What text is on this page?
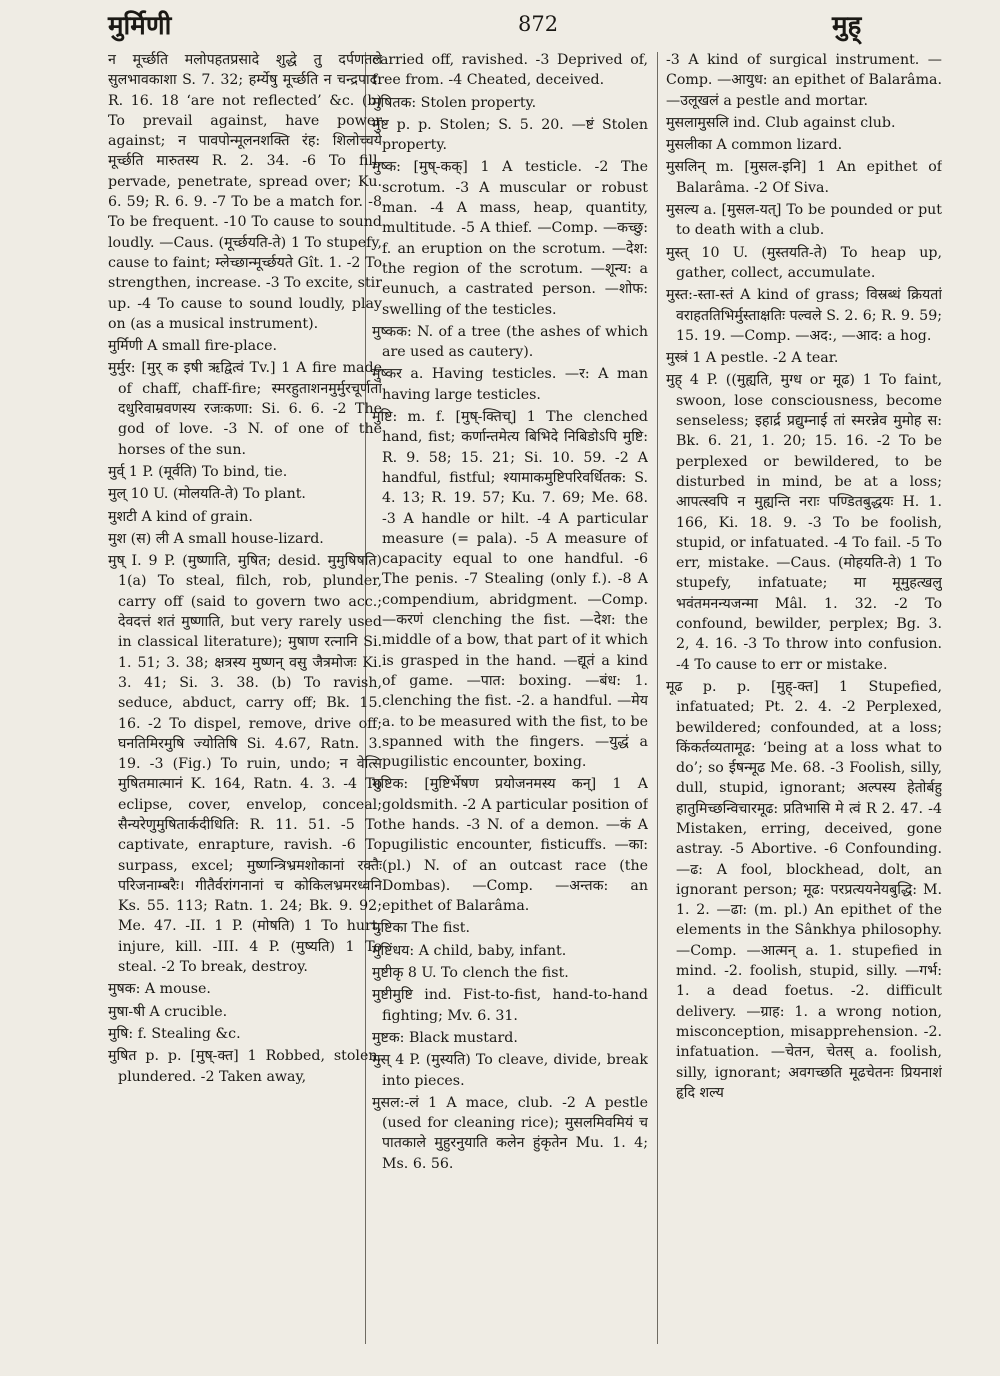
मुर्मिणी	872	मुह्

न मूर्च्छति मलोपहतप्रसादे शुद्धे तु दर्पणतले सुलभावकाशा S. 7. 32; हर्म्येषु मूर्च्छति न चन्द्रपाद: R. 16. 18 ‘are not reflected’ &c. (b) To prevail against, have power against; न पावपोन्मूलनशक्ति रंह: शिलोच्चये मूर्च्छति मारुतस्य R. 2. 34. -6 To fill, pervade, penetrate, spread over; Ku. 6. 59; R. 6. 9. -7 To be a match for. -8 To be frequent. -10 To cause to sound loudly. —Caus. (मूर्च्छयति-ते) 1 To stupefy, cause to faint; म्लेच्छान्मूर्च्छयते Gît. 1. -2 To strengthen, increase. -3 To excite, stir up. -4 To cause to sound loudly, play on (as a musical instrument).

मुर्मिणी A small fire-place.

मुर्मुर: [मुर् क इषी ऋद्वित्वं Tv.] 1 A fire made of chaff, chaff-fire; स्मरहुताशनमुर्मुरचूर्णतां दधुरिवाम्रवणस्य रजःकणा: Si. 6. 6. -2 The god of love. -3 N. of one of the horses of the sun.

मुर्व् 1 P. (मूर्वति) To bind, tie.

मुल् 10 U. (मोलयति-ते) To plant.

मुशटी A kind of grain.

मुश (स) ली A small house-lizard.

मुष् I. 9 P. (मुष्णाति, मुषित; desid. मुमुषिषति) 1(a) To steal, filch, rob, plunder, carry off (said to govern two acc.; देवदत्तं शतं मुष्णाति, but very rarely used in classical literature); मुषाण रत्नानि Si. 1. 51; 3. 38; क्षत्रस्य मुष्णन् वसु जैत्रमोजः Ki. 3. 41; Si. 3. 38. (b) To ravish, seduce, abduct, carry off; Bk. 15. 16. -2 To dispel, remove, drive off; घनतिमिरमुषि ज्योतिषि Si. 4.67, Ratn. 3. 19. -3 (Fig.) To ruin, undo; न वेत्सि मुषितमात्मानं K. 164, Ratn. 4. 3. -4 To eclipse, cover, envelop, conceal; सैन्यरेणुमुषितार्कदीधिति: R. 11. 51. -5 To captivate, enrapture, ravish. -6 To surpass, excel; मुष्णन्त्रिभ्रमशोकानां रक्तैः परिजनाम्बरैः। गीतैर्वरांगनानां च कोकिलभ्रमरध्वनि Ks. 55. 113; Ratn. 1. 24; Bk. 9. 92; Me. 47. -II. 1 P. (मोषति) 1 To hurt, injure, kill. -III. 4 P. (मुष्यति) 1 To steal. -2 To break, destroy.

मुषक: A mouse.

मुषा-षी A crucible.

मुषि: f. Stealing &c.

मुषित p. p. [मुष्-क्त] 1 Robbed, stolen, plundered. -2 Taken away,

carried off, ravished. -3 Deprived of, free from. -4 Cheated, deceived.

मुषितक: Stolen property.

मुष्ट p. p. Stolen; S. 5. 20. —ष्टं Stolen property.

मुष्क: [मुष्-कक्] 1 A testicle. -2 The scrotum. -3 A muscular or robust man. -4 A mass, heap, quantity, multitude. -5 A thief. —Comp. —कच्छु: f. an eruption on the scrotum. —देश: the region of the scrotum. —शून्य: a eunuch, a castrated person. —शोफ: swelling of the testicles.

मुष्कक: N. of a tree (the ashes of which are used as cautery).

मुष्कर a. Having testicles. —र: A man having large testicles.

मुष्टि: m. f. [मुष्-क्तिच्] 1 The clenched hand, fist; कर्णान्तमेत्य बिभिदे निबिडोऽपि मुष्टि: R. 9. 58; 15. 21; Si. 10. 59. -2 A handful, fistful; श्यामाकमुष्टिपरिवर्धितक: S. 4. 13; R. 19. 57; Ku. 7. 69; Me. 68. -3 A handle or hilt. -4 A particular measure (= pala). -5 A measure of capacity equal to one handful. -6 The penis. -7 Stealing (only f.). -8 A compendium, abridgment. —Comp. —करणं clenching the fist. —देश: the middle of a bow, that part of it which is grasped in the hand. —द्यूतं a kind of game. —पात: boxing. —बंध: 1. clenching the fist. -2. a handful. —मेय a. to be measured with the fist, to be spanned with the fingers. —युद्धं a pugilistic encounter, boxing.

मुष्टिक: [मुष्टिर्भेषण प्रयोजनमस्य कन्] 1 A goldsmith. -2 A particular position of the hands. -3 N. of a demon. —कं A pugilistic encounter, fisticuffs. —का: (pl.) N. of an outcast race (the Dombas). —Comp. —अन्तक: an epithet of Balarâma.

मुष्टिका The fist.

मुष्टिंधय: A child, baby, infant.

मुष्टीकृ 8 U. To clench the fist.

मुष्टीमुष्टि ind. Fist-to-fist, hand-to-hand fighting; Mv. 6. 31.

मुष्टक: Black mustard.

मुस् 4 P. (मुस्यति) To cleave, divide, break into pieces.

मुसल:-लं 1 A mace, club. -2 A pestle (used for cleaning rice); मुसलमिवमियं च पातकाले मुहुरनुयाति कलेन हुंकृतेन Mu. 1. 4; Ms. 6. 56.

-3 A kind of surgical instrument. —Comp. —आयुध: an epithet of Balarâma. —उलूखलं a pestle and mortar.

मुसलामुसलि ind. Club against club.

मुसलीका A common lizard.

मुसलिन् m. [मुसल-इनि] 1 An epithet of Balarâma. -2 Of Siva.

मुसल्य a. [मुसल-यत्] To be pounded or put to death with a club.

मुस्त् 10 U. (मुस्तयति-ते) To heap up, gather, collect, accumulate.

मुस्त:-स्ता-स्तं A kind of grass; विस्रब्धं क्रियतां वराहततिभिर्मुस्ताक्षतिः पल्वले S. 2. 6; R. 9. 59; 15. 19. —Comp. —अद:, —आद: a hog.

मुस्त्रं 1 A pestle. -2 A tear.

मुह् 4 P. ((मुह्यति, मुग्ध or मूढ) 1 To faint, swoon, lose consciousness, become senseless; इहार्द्र प्रद्युम्नाई तां स्मरन्नेव मुमोह स: Bk. 6. 21, 1. 20; 15. 16. -2 To be perplexed or bewildered, to be disturbed in mind, be at a loss; आपत्स्वपि न मुह्यन्ति नराः पण्डितबुद्धयः H. 1. 166, Ki. 18. 9. -3 To be foolish, stupid, or infatuated. -4 To fail. -5 To err, mistake. —Caus. (मोहयति-ते) 1 To stupefy, infatuate; मा मूमुहत्खलु भवंतमनन्यजन्मा Mâl. 1. 32. -2 To confound, bewilder, perplex; Bg. 3. 2, 4. 16. -3 To throw into confusion. -4 To cause to err or mistake.

मूढ p. p. [मुह्-क्त] 1 Stupefied, infatuated; Pt. 2. 4. -2 Perplexed, bewildered; confounded, at a loss; किंकर्तव्यतामूढ: ‘being at a loss what to do’; so ईषन्मूढ Me. 68. -3 Foolish, silly, dull, stupid, ignorant; अल्पस्य हेतोर्बहु हातुमिच्छन्विचारमूढ: प्रतिभासि मे त्वं R 2. 47. -4 Mistaken, erring, deceived, gone astray. -5 Abortive. -6 Confounding. —ढ: A fool, blockhead, dolt, an ignorant person; मूढ: परप्रत्ययनेयबुद्धि: M. 1. 2. —ढा: (m. pl.) An epithet of the elements in the Sânkhya philosophy. —Comp. —आत्मन् a. 1. stupefied in mind. -2. foolish, stupid, silly. —गर्भ: 1. a dead foetus. -2. difficult delivery. —ग्राह: 1. a wrong notion, misconception, misapprehension. -2. infatuation. —चेतन, चेतस् a. foolish, silly, ignorant; अवगच्छति मूढचेतनः प्रियनाशं हृदि शल्य
